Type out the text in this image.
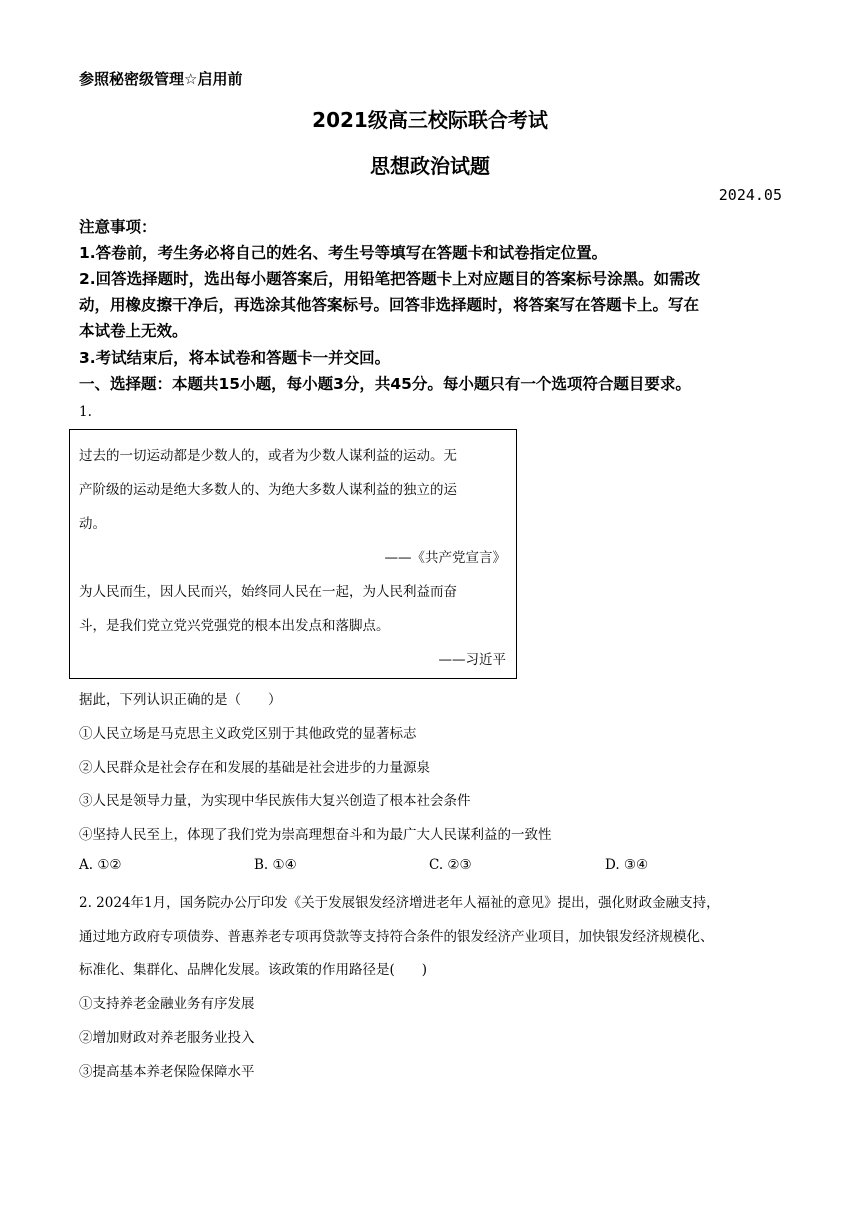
参照秘密级管理☆启用前
2021级高三校际联合考试
思想政治试题
2024.05
注意事项：
1.答卷前，考生务必将自己的姓名、考生号等填写在答题卡和试卷指定位置。
2.回答选择题时，选出每小题答案后，用铅笔把答题卡上对应题目的答案标号涂黑。如需改
动，用橡皮擦干净后，再选涂其他答案标号。回答非选择题时，将答案写在答题卡上。写在
本试卷上无效。
3.考试结束后，将本试卷和答题卡一并交回。
一、选择题：本题共15小题，每小题3分，共45分。每小题只有一个选项符合题目要求。
1.
过去的一切运动都是少数人的，或者为少数人谋利益的运动。无
产阶级的运动是绝大多数人的、为绝大多数人谋利益的独立的运
动。
——《共产党宣言》
为人民而生，因人民而兴，始终同人民在一起，为人民利益而奋
斗，是我们党立党兴党强党的根本出发点和落脚点。
——习近平
据此，下列认识正确的是（　　）
①人民立场是马克思主义政党区别于其他政党的显著标志
②人民群众是社会存在和发展的基础是社会进步的力量源泉
③人民是领导力量，为实现中华民族伟大复兴创造了根本社会条件
④坚持人民至上，体现了我们党为崇高理想奋斗和为最广大人民谋利益的一致性
A. ①②	B. ①④	C. ②③	D. ③④
2. 2024年1月，国务院办公厅印发《关于发展银发经济增进老年人福祉的意见》提出，强化财政金融支持，
通过地方政府专项债券、普惠养老专项再贷款等支持符合条件的银发经济产业项目，加快银发经济规模化、
标准化、集群化、品牌化发展。该政策的作用路径是(　　)
①支持养老金融业务有序发展
②增加财政对养老服务业投入
③提高基本养老保险保障水平
